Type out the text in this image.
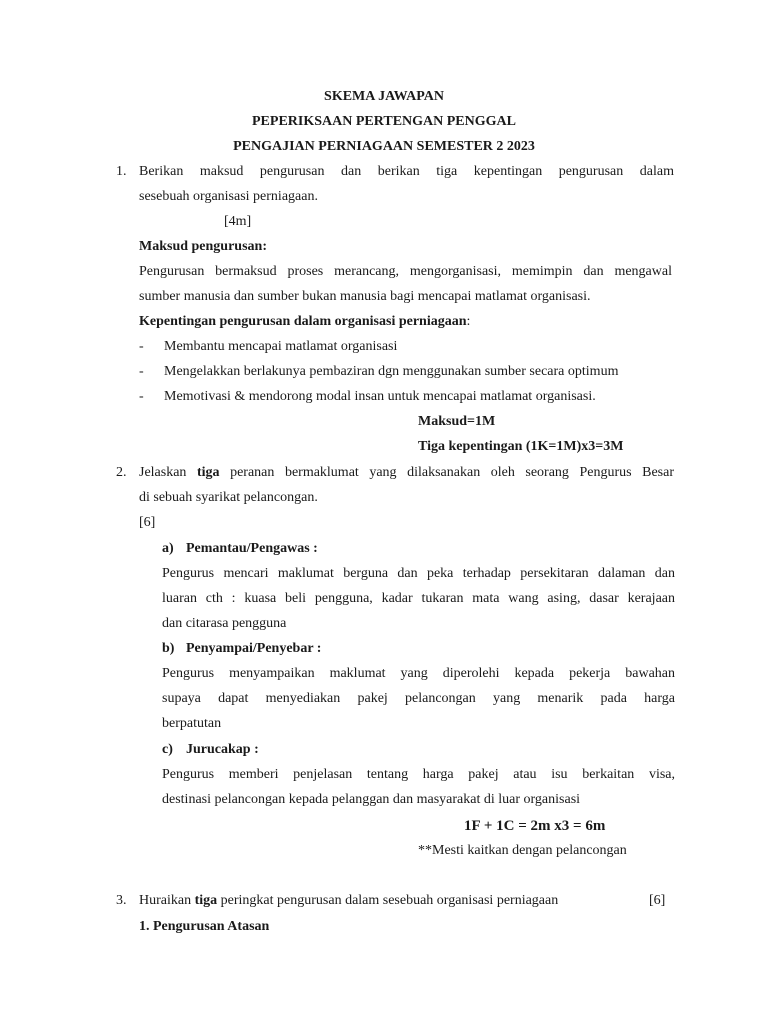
SKEMA JAWAPAN
PEPERIKSAAN PERTENGAN PENGGAL
PENGAJIAN PERNIAGAAN SEMESTER 2 2023
1. Berikan maksud pengurusan dan berikan tiga kepentingan pengurusan dalam
sesebuah organisasi perniagaan.
[4m]
Maksud pengurusan:
Pengurusan bermaksud proses merancang, mengorganisasi, memimpin dan mengawal
sumber manusia dan sumber bukan manusia bagi mencapai matlamat organisasi.
Kepentingan pengurusan dalam organisasi perniagaan:
- Membantu mencapai matlamat organisasi
- Mengelakkan berlakunya pembaziran dgn menggunakan sumber secara optimum
- Memotivasi & mendorong modal insan untuk mencapai matlamat organisasi.
Maksud=1M
Tiga kepentingan (1K=1M)x3=3M
2. Jelaskan tiga peranan bermaklumat yang dilaksanakan oleh seorang Pengurus Besar
di sebuah syarikat pelancongan.
[6]
a) Pemantau/Pengawas :
Pengurus mencari maklumat berguna dan peka terhadap persekitaran dalaman dan
luaran cth : kuasa beli pengguna, kadar tukaran mata wang asing, dasar kerajaan
dan citarasa pengguna
b) Penyampai/Penyebar :
Pengurus menyampaikan maklumat yang diperolehi kepada pekerja bawahan
supaya dapat menyediakan pakej pelancongan yang menarik pada harga
berpatutan
c) Jurucakap :
Pengurus memberi penjelasan tentang harga pakej atau isu berkaitan visa,
destinasi pelancongan kepada pelanggan dan masyarakat di luar organisasi
1F + 1C = 2m x3 = 6m
**Mesti kaitkan dengan pelancongan
3. Huraikan tiga peringkat pengurusan dalam sesebuah organisasi perniagaan	[6]
1. Pengurusan Atasan
